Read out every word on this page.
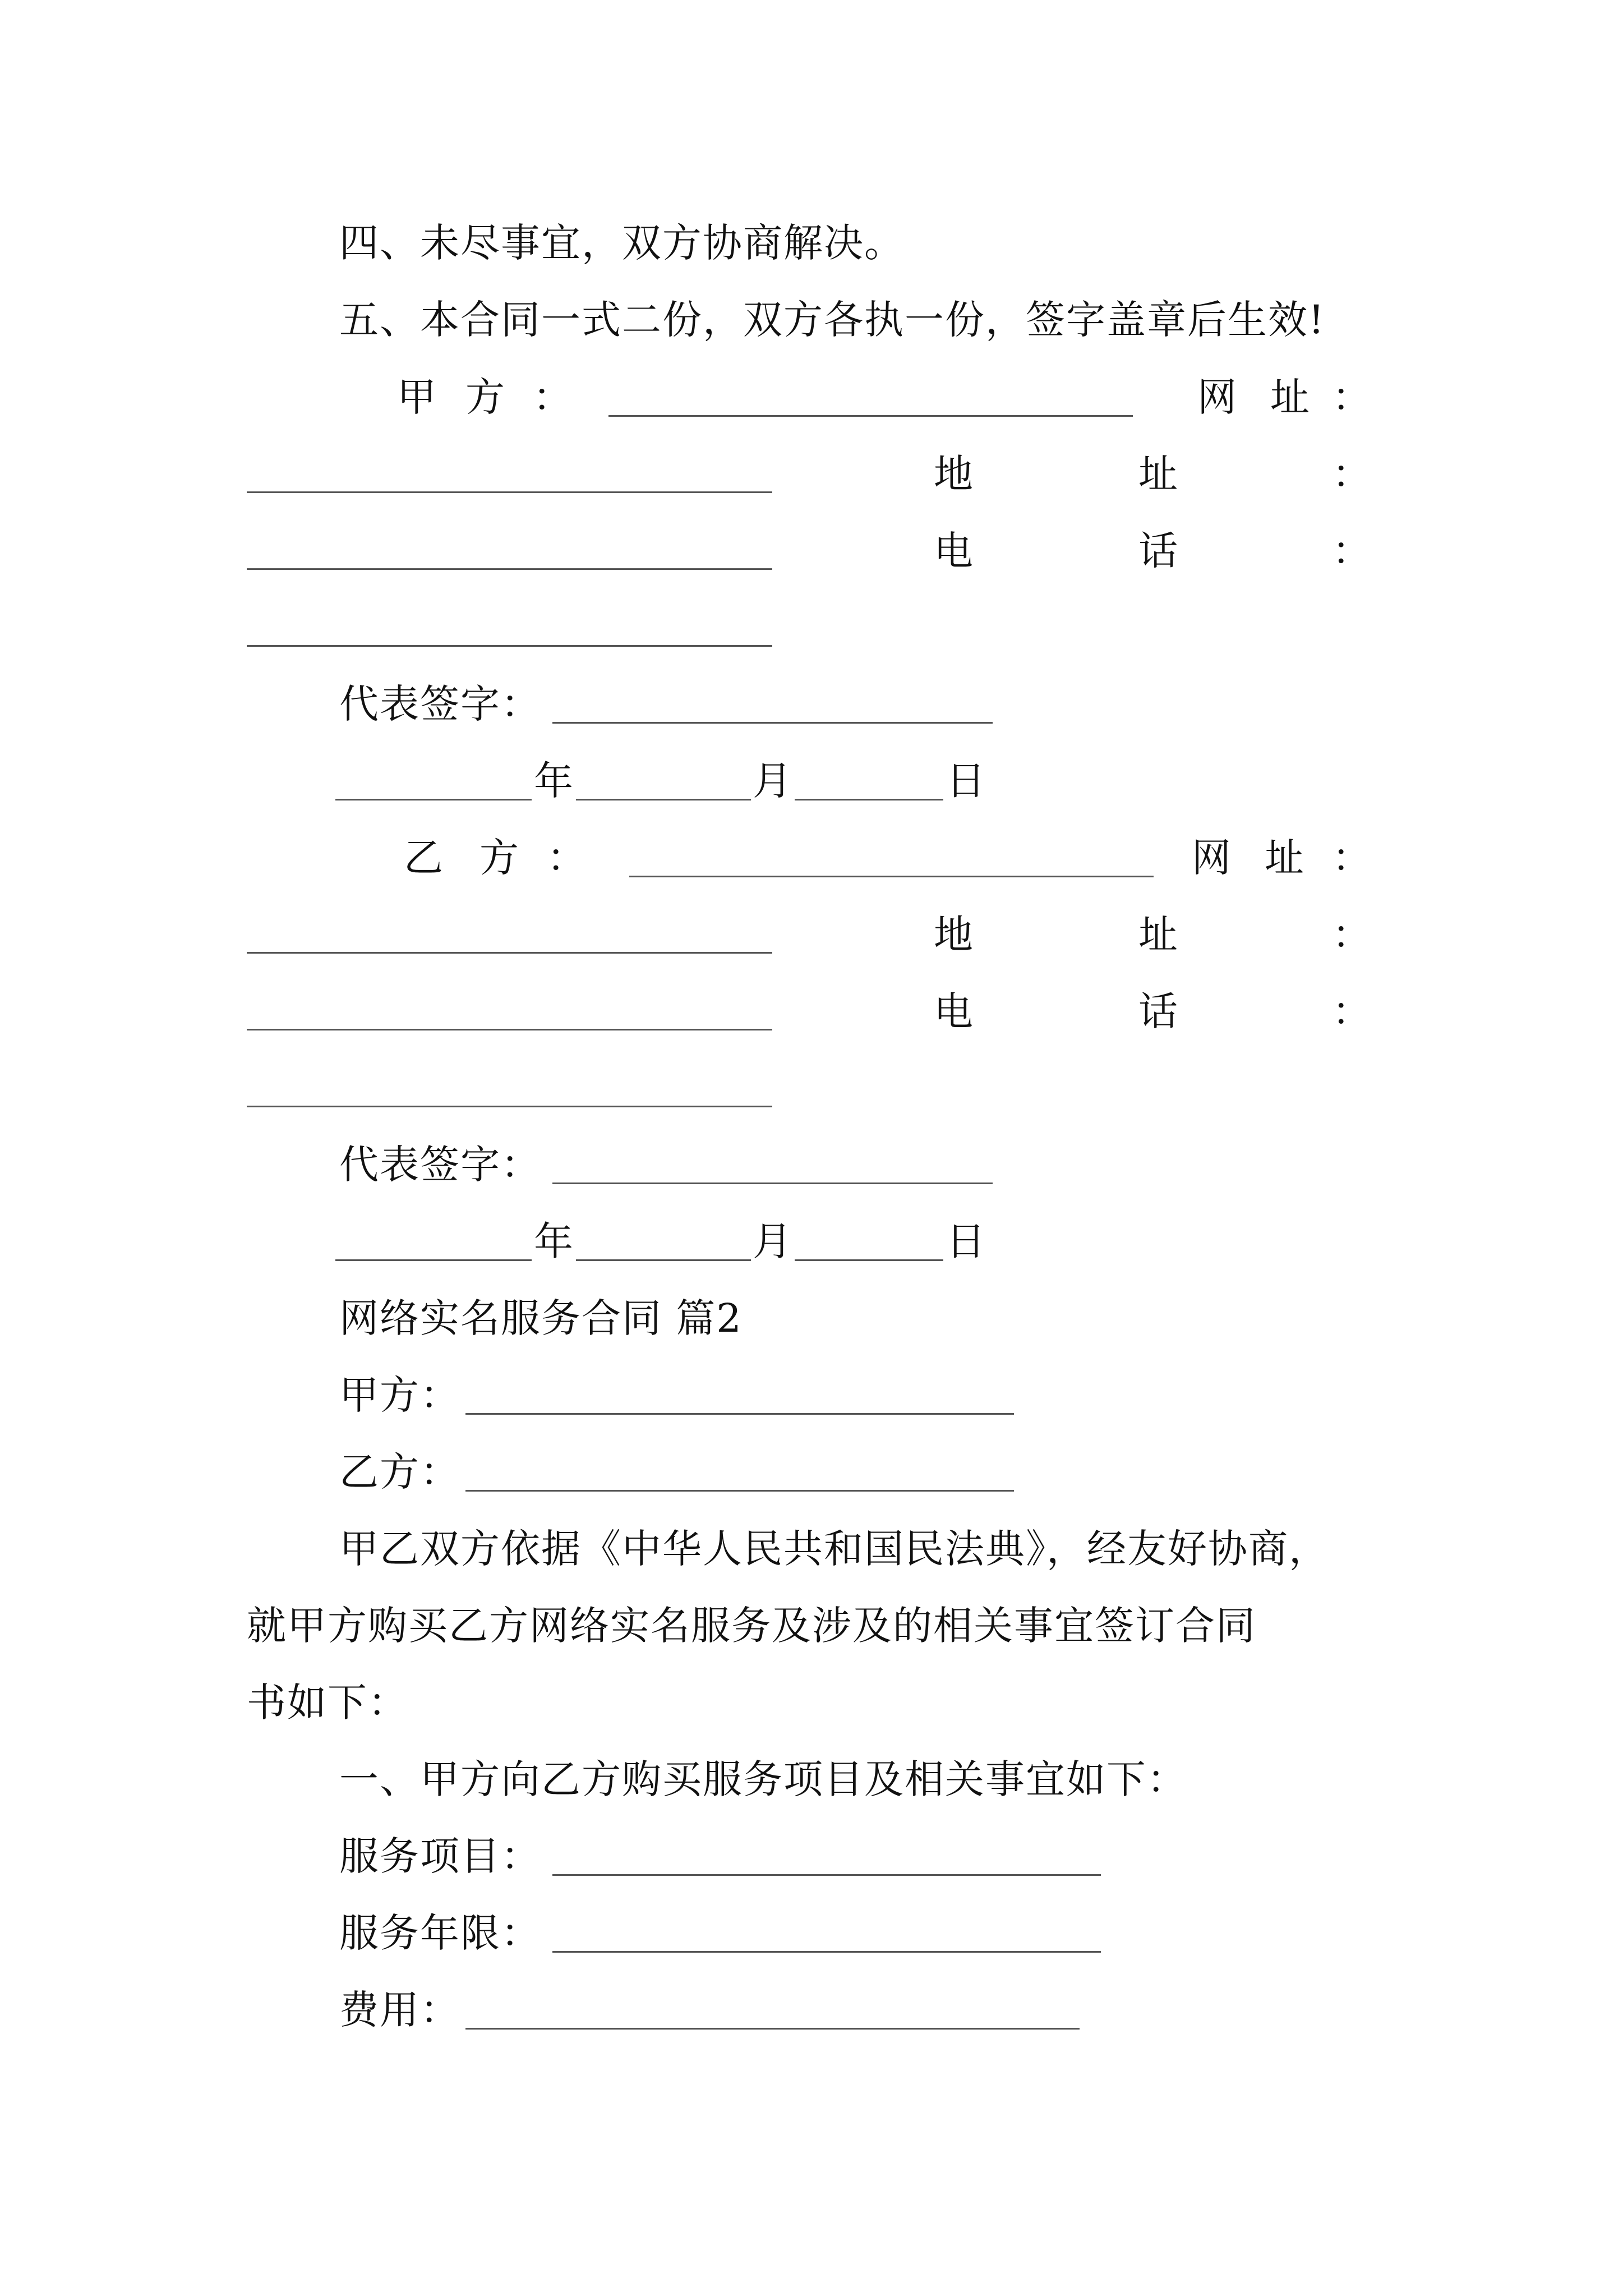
四、未尽事宜，双方协商解决。
五、本合同一式二份，双方各执一份，签字盖章后生效!
甲 方 ：	网 址 ：
地	址	：
电	话	：
代表签字：
年	月	日
乙 方 ：	网 址 ：
地	址	：
电	话	：
代表签字：
年	月	日
网络实名服务合同 篇2
甲方：
乙方：
甲乙双方依据《中华人民共和国民法典》，经友好协商，
就甲方购买乙方网络实名服务及涉及的相关事宜签订合同
书如下：
一、甲方向乙方购买服务项目及相关事宜如下：
服务项目：
服务年限：
费用：
